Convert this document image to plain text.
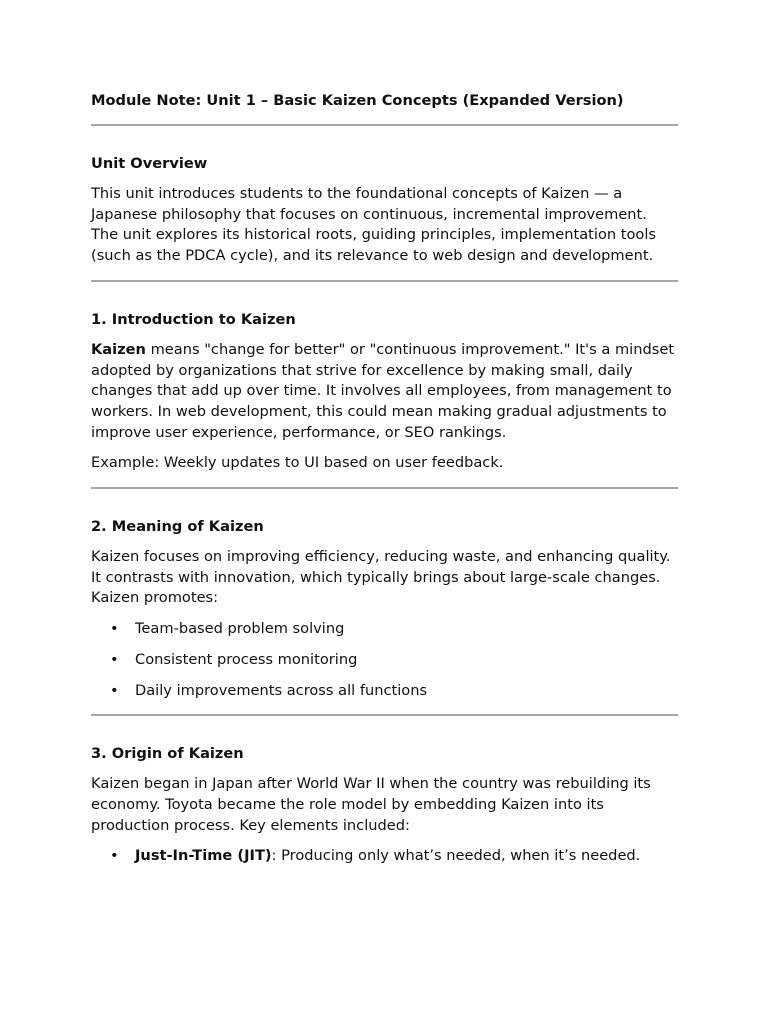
Module Note: Unit 1 – Basic Kaizen Concepts (Expanded Version)

Unit Overview

This unit introduces students to the foundational concepts of Kaizen — a Japanese philosophy that focuses on continuous, incremental improvement. The unit explores its historical roots, guiding principles, implementation tools (such as the PDCA cycle), and its relevance to web design and development.

1. Introduction to Kaizen

Kaizen means "change for better" or "continuous improvement." It's a mindset adopted by organizations that strive for excellence by making small, daily changes that add up over time. It involves all employees, from management to workers. In web development, this could mean making gradual adjustments to improve user experience, performance, or SEO rankings.

Example: Weekly updates to UI based on user feedback.

2. Meaning of Kaizen

Kaizen focuses on improving efficiency, reducing waste, and enhancing quality. It contrasts with innovation, which typically brings about large-scale changes. Kaizen promotes:

• Team-based problem solving
• Consistent process monitoring
• Daily improvements across all functions
3. Origin of Kaizen

Kaizen began in Japan after World War II when the country was rebuilding its economy. Toyota became the role model by embedding Kaizen into its production process. Key elements included:

• Just-In-Time (JIT): Producing only what’s needed, when it’s needed.
